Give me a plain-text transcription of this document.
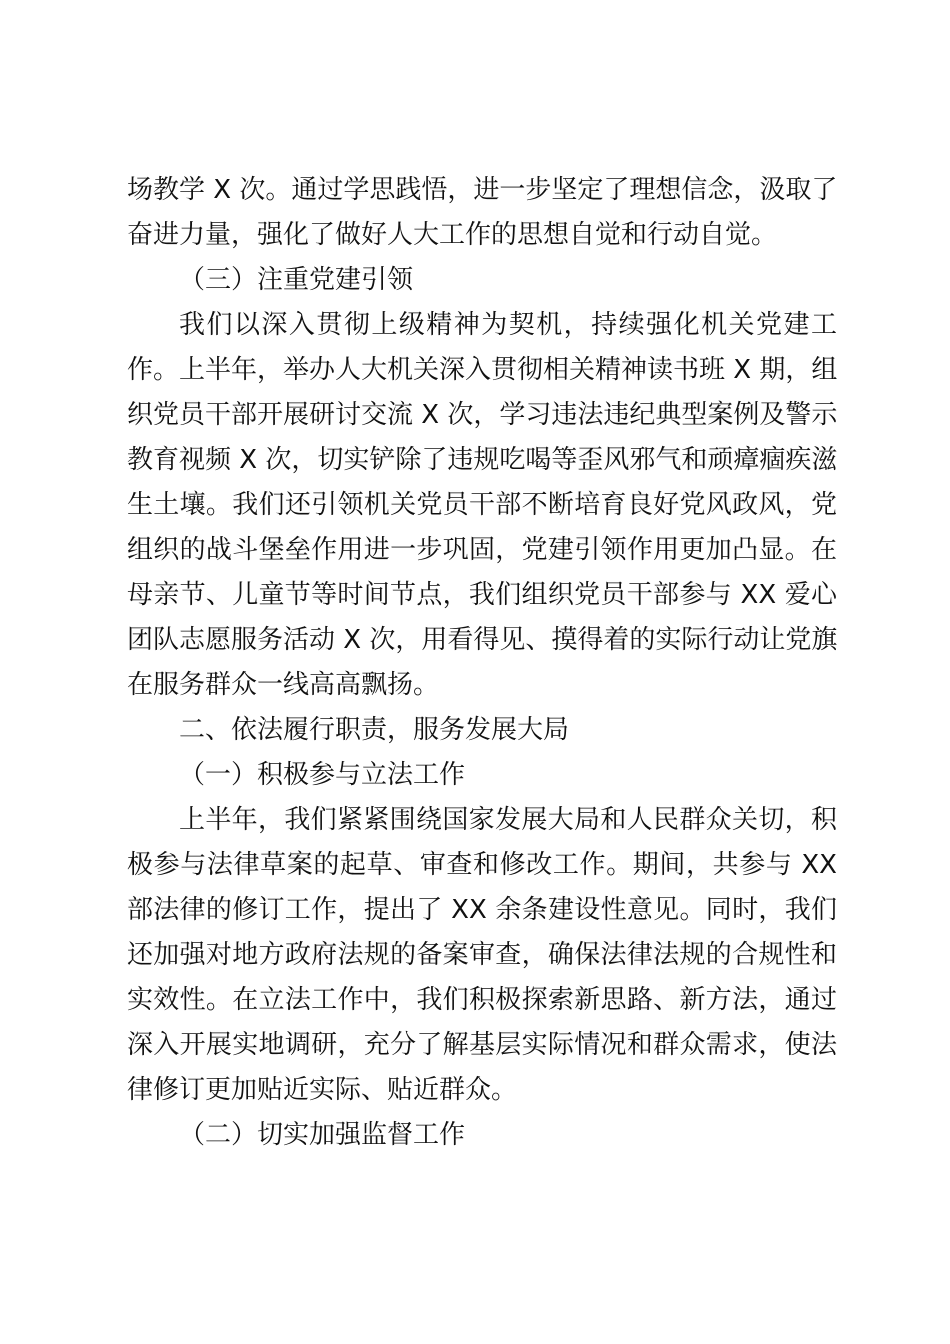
场教学 X 次。通过学思践悟，进一步坚定了理想信念，汲取了
奋进力量，强化了做好人大工作的思想自觉和行动自觉。
（三）注重党建引领
我们以深入贯彻上级精神为契机，持续强化机关党建工
作。上半年，举办人大机关深入贯彻相关精神读书班 X 期，组
织党员干部开展研讨交流 X 次，学习违法违纪典型案例及警示
教育视频 X 次，切实铲除了违规吃喝等歪风邪气和顽瘴痼疾滋
生土壤。我们还引领机关党员干部不断培育良好党风政风，党
组织的战斗堡垒作用进一步巩固，党建引领作用更加凸显。在
母亲节、儿童节等时间节点，我们组织党员干部参与 XX 爱心
团队志愿服务活动 X 次，用看得见、摸得着的实际行动让党旗
在服务群众一线高高飘扬。
二、依法履行职责，服务发展大局
（一）积极参与立法工作
上半年，我们紧紧围绕国家发展大局和人民群众关切，积
极参与法律草案的起草、审查和修改工作。期间，共参与 XX
部法律的修订工作，提出了 XX 余条建设性意见。同时，我们
还加强对地方政府法规的备案审查，确保法律法规的合规性和
实效性。在立法工作中，我们积极探索新思路、新方法，通过
深入开展实地调研，充分了解基层实际情况和群众需求，使法
律修订更加贴近实际、贴近群众。
（二）切实加强监督工作
